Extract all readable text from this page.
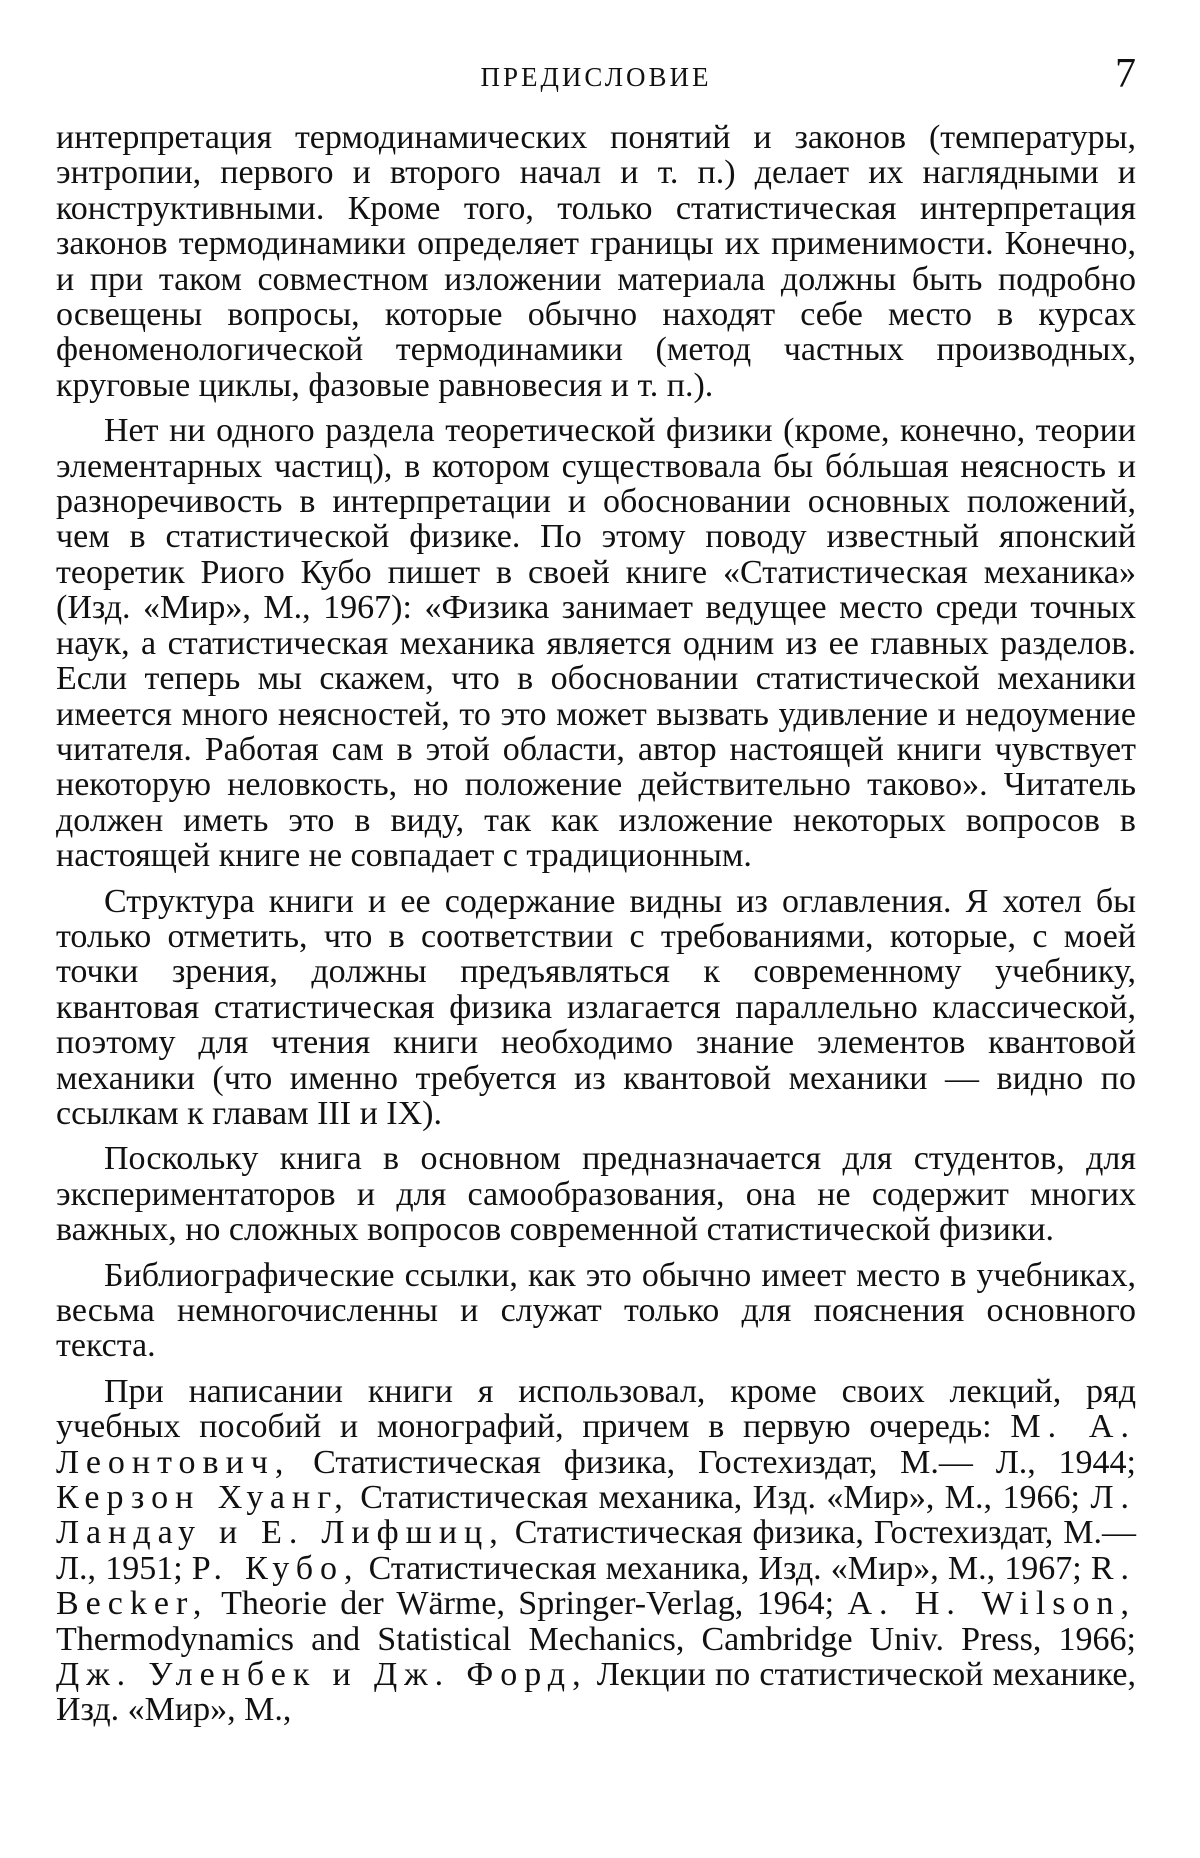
ПРЕДИСЛОВИЕ	7

интерпретация термодинамических понятий и законов (температуры, энтропии, первого и второго начал и т. п.) делает их наглядными и конструктивными. Кроме того, только статистическая интерпретация законов термодинамики определяет границы их применимости. Конечно, и при таком совместном изложении материала должны быть подробно освещены вопросы, которые обычно находят себе место в курсах феноменологической термодинамики (метод частных производных, круговые циклы, фазовые равновесия и т. п.).

Нет ни одного раздела теоретической физики (кроме, конечно, теории элементарных частиц), в котором существовала бы бóльшая неясность и разноречивость в интерпретации и обосновании основных положений, чем в статистической физике. По этому поводу известный японский теоретик Риого Кубо пишет в своей книге «Статистическая механика» (Изд. «Мир», М., 1967): «Физика занимает ведущее место среди точных наук, а статистическая механика является одним из ее главных разделов. Если теперь мы скажем, что в обосновании статистической механики имеется много неясностей, то это может вызвать удивление и недоумение читателя. Работая сам в этой области, автор настоящей книги чувствует некоторую неловкость, но положение действительно таково». Читатель должен иметь это в виду, так как изложение некоторых вопросов в настоящей книге не совпадает с традиционным.

Структура книги и ее содержание видны из оглавления. Я хотел бы только отметить, что в соответствии с требованиями, которые, с моей точки зрения, должны предъявляться к современному учебнику, квантовая статистическая физика излагается параллельно классической, поэтому для чтения книги необходимо знание элементов квантовой механики (что именно требуется из квантовой механики — видно по ссылкам к главам III и IX).

Поскольку книга в основном предназначается для студентов, для экспериментаторов и для самообразования, она не содержит многих важных, но сложных вопросов современной статистической физики.

Библиографические ссылки, как это обычно имеет место в учебниках, весьма немногочисленны и служат только для пояснения основного текста.

При написании книги я использовал, кроме своих лекций, ряд учебных пособий и монографий, причем в первую очередь: М. А. Леонтович, Статистическая физика, Гостехиздат, М.— Л., 1944; Керзон Хуанг, Статистическая механика, Изд. «Мир», М., 1966; Л. Ландау и Е. Лифшиц, Статистическая физика, Гостехиздат, М.— Л., 1951; Р. Кубо, Статистическая механика, Изд. «Мир», М., 1967; R. Becker, Theorie der Wärme, Springer-Verlag, 1964; A. H. Wilson, Thermodynamics and Statistical Mechanics, Cambridge Univ. Press, 1966; Дж. Уленбек и Дж. Форд, Лекции по статистической механике, Изд. «Мир», М.,
